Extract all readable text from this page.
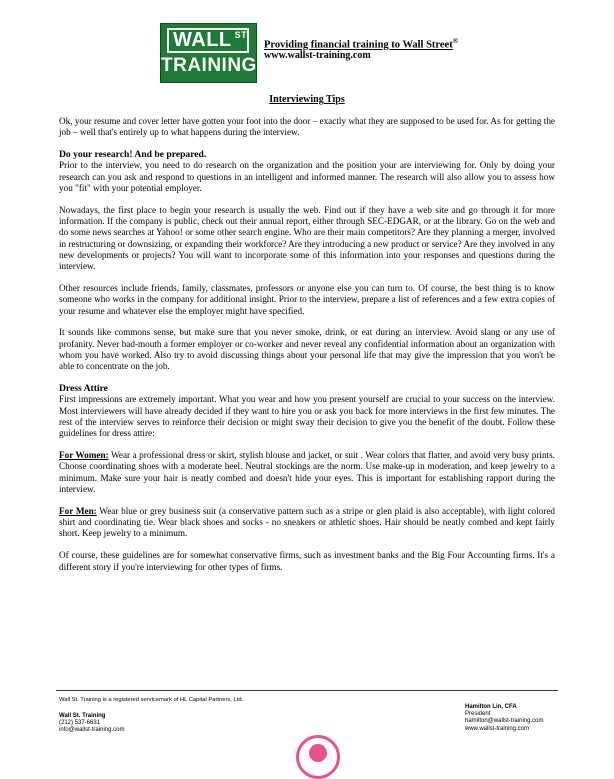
WALL $^{ST}$
TRAINING
Providing financial training to Wall Street®
www.wallst-training.com
Interviewing Tips

Ok, your resume and cover letter have gotten your foot into the door – exactly what they are supposed to be used for. As for getting the job – well that's entirely up to what happens during the interview.

Do your research! And be prepared.

Prior to the interview, you need to do research on the organization and the position your are interviewing for. Only by doing your research can you ask and respond to questions in an intelligent and informed manner. The research will also allow you to assess how you "fit" with your potential employer.

Nowadays, the first place to begin your research is usually the web. Find out if they have a web site and go through it for more information. If the company is public, check out their annual report, either through SEC-EDGAR, or at the library. Go on the web and do some news searches at Yahoo! or some other search engine. Who are their main competitors? Are they planning a merger, involved in restructuring or downsizing, or expanding their workforce? Are they introducing a new product or service? Are they involved in any new developments or projects? You will want to incorporate some of this information into your responses and questions during the interview.

Other resources include friends, family, classmates, professors or anyone else you can turn to. Of course, the best thing is to know someone who works in the company for additional insight. Prior to the interview, prepare a list of references and a few extra copies of your resume and whatever else the employer might have specified.

It sounds like commons sense, but make sure that you never smoke, drink, or eat during an interview. Avoid slang or any use of profanity. Never bad-mouth a former employer or co-worker and never reveal any confidential information about an organization with whom you have worked. Also try to avoid discussing things about your personal life that may give the impression that you won't be able to concentrate on the job.

Dress Attire

First impressions are extremely important. What you wear and how you present yourself are crucial to your success on the interview. Most interviewers will have already decided if they want to hire you or ask you back for more interviews in the first few minutes. The rest of the interview serves to reinforce their decision or might sway their decision to give you the benefit of the doubt. Follow these guidelines for dress attire:

For Women: Wear a professional dress or skirt, stylish blouse and jacket, or suit . Wear colors that flatter, and avoid very busy prints. Choose coordinating shoes with a moderate heel. Neutral stockings are the norm. Use make-up in moderation, and keep jewelry to a minimum. Make sure your hair is neatly combed and doesn't hide your eyes. This is important for establishing rapport during the interview.

For Men: Wear blue or grey business suit (a conservative pattern such as a stripe or glen plaid is also acceptable), with light colored shirt and coordinating tie. Wear black shoes and socks - no sneakers or athletic shoes. Hair should be neatly combed and kept fairly short. Keep jewelry to a minimum.

Of course, these guidelines are for somewhat conservative firms, such as investment banks and the Big Four Accounting firms. It's a different story if you're interviewing for other types of firms.

Wall St. Training is a registered servicemark of HL Capital Partners, Ltd.
Wall St. Training
(212) 537-6631
info@wallst-training.com
Hamilton Lin, CFA
President
hamilton@wallst-training.com
www.wallst-training.com
